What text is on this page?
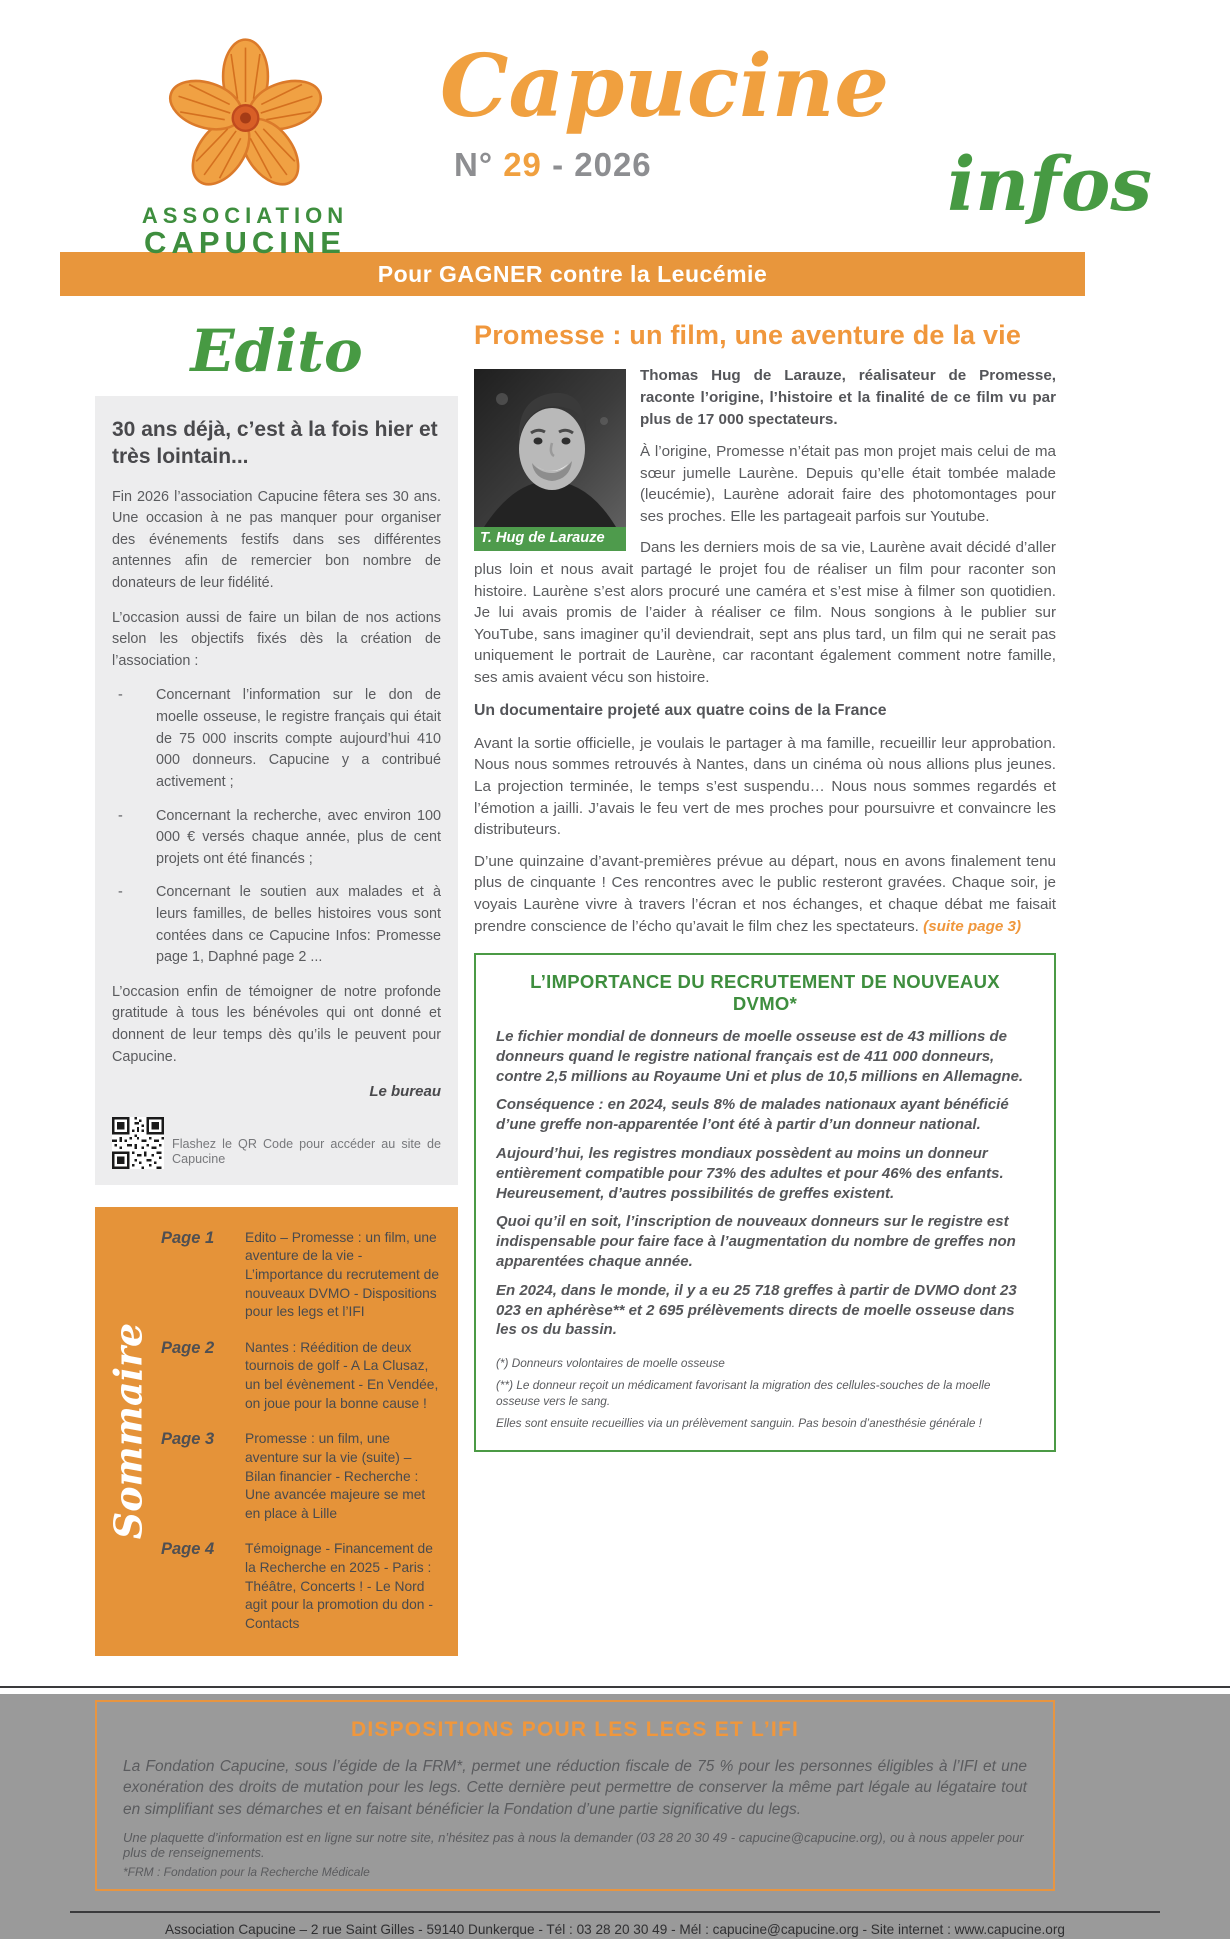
ASSOCIATION
CAPUCINE
Capucine
N° 29 - 2026	infos
Pour GAGNER contre la Leucémie
Edito
30 ans déjà, c’est à la fois hier et très lointain...

Fin 2026 l’association Capucine fêtera ses 30 ans. Une occasion à ne pas manquer pour organiser des événements festifs dans ses différentes antennes afin de remercier bon nombre de donateurs de leur fidélité.

L’occasion aussi de faire un bilan de nos actions selon les objectifs fixés dès la création de l’association :

-	Concernant l’information sur le don de moelle osseuse, le registre français qui était de 75 000 inscrits compte aujourd’hui 410 000 donneurs. Capucine y a contribué activement ;
-	Concernant la recherche, avec environ 100 000 € versés chaque année, plus de cent projets ont été financés ;
-	Concernant le soutien aux malades et à leurs familles, de belles histoires vous sont contées dans ce Capucine Infos: Promesse page 1, Daphné page 2 ...

L’occasion enfin de témoigner de notre profonde gratitude à tous les bénévoles qui ont donné et donnent de leur temps dès qu’ils le peuvent pour Capucine.

Le bureau

Flashez le QR Code pour accéder au site de Capucine
Sommaire
Page 1	Edito – Promesse : un film, une aventure de la vie - L’importance du recrutement de nouveaux DVMO - Dispositions pour les legs et l’IFI
Page 2	Nantes : Réédition de deux tournois de golf - A La Clusaz, un bel évènement - En Vendée, on joue pour la bonne cause !
Page 3	Promesse : un film, une aventure sur la vie (suite) – Bilan financier - Recherche : Une avancée majeure se met en place à Lille
Page 4	Témoignage - Financement de la Recherche en 2025 - Paris : Théâtre, Concerts ! - Le Nord agit pour la promotion du don - Contacts
Promesse : un film, une aventure de la vie
T. Hug de Larauze

Thomas Hug de Larauze, réalisateur de Promesse, raconte l’origine, l’histoire et la finalité de ce film vu par plus de 17 000 spectateurs.

À l’origine, Promesse n’était pas mon projet mais celui de ma sœur jumelle Laurène. Depuis qu’elle était tombée malade (leucémie), Laurène adorait faire des photomontages pour ses proches. Elle les partageait parfois sur Youtube.

Dans les derniers mois de sa vie, Laurène avait décidé d’aller plus loin et nous avait partagé le projet fou de réaliser un film pour raconter son histoire. Laurène s’est alors procuré une caméra et s’est mise à filmer son quotidien. Je lui avais promis de l’aider à réaliser ce film. Nous songions à le publier sur YouTube, sans imaginer qu’il deviendrait, sept ans plus tard, un film qui ne serait pas uniquement le portrait de Laurène, car racontant également comment notre famille, ses amis avaient vécu son histoire.

Un documentaire projeté aux quatre coins de la France

Avant la sortie officielle, je voulais le partager à ma famille, recueillir leur approbation. Nous nous sommes retrouvés à Nantes, dans un cinéma où nous allions plus jeunes. La projection terminée, le temps s’est suspendu… Nous nous sommes regardés et l’émotion a jailli. J’avais le feu vert de mes proches pour poursuivre et convaincre les distributeurs.

D’une quinzaine d’avant-premières prévue au départ, nous en avons finalement tenu plus de cinquante ! Ces rencontres avec le public resteront gravées. Chaque soir, je voyais Laurène vivre à travers l’écran et nos échanges, et chaque débat me faisait prendre conscience de l’écho qu’avait le film chez les spectateurs. (suite page 3)

L’IMPORTANCE DU RECRUTEMENT DE NOUVEAUX DVMO*

Le fichier mondial de donneurs de moelle osseuse est de 43 millions de donneurs quand le registre national français est de 411 000 donneurs, contre 2,5 millions au Royaume Uni et plus de 10,5 millions en Allemagne.

Conséquence : en 2024, seuls 8% de malades nationaux ayant bénéficié d’une greffe non-apparentée l’ont été à partir d’un donneur national.

Aujourd’hui, les registres mondiaux possèdent au moins un donneur entièrement compatible pour 73% des adultes et pour 46% des enfants. Heureusement, d’autres possibilités de greffes existent.

Quoi qu’il en soit, l’inscription de nouveaux donneurs sur le registre est indispensable pour faire face à l’augmentation du nombre de greffes non apparentées chaque année.

En 2024, dans le monde, il y a eu 25 718 greffes à partir de DVMO dont 23 023 en aphérèse** et 2 695 prélèvements directs de moelle osseuse dans les os du bassin.

(*) Donneurs volontaires de moelle osseuse

(**) Le donneur reçoit un médicament favorisant la migration des cellules-souches de la moelle osseuse vers le sang.

Elles sont ensuite recueillies via un prélèvement sanguin. Pas besoin d’anesthésie générale !

DISPOSITIONS POUR LES LEGS ET L’IFI

La Fondation Capucine, sous l’égide de la FRM*, permet une réduction fiscale de 75 % pour les personnes éligibles à l’IFI et une exonération des droits de mutation pour les legs. Cette dernière peut permettre de conserver la même part légale au légataire tout en simplifiant ses démarches et en faisant bénéficier la Fondation d’une partie significative du legs.

Une plaquette d’information est en ligne sur notre site, n’hésitez pas à nous la demander (03 28 20 30 49 - capucine@capucine.org), ou à nous appeler pour plus de renseignements.

*FRM : Fondation pour la Recherche Médicale

Association Capucine – 2 rue Saint Gilles - 59140 Dunkerque - Tél : 03 28 20 30 49 - Mél : capucine@capucine.org - Site internet : www.capucine.org
